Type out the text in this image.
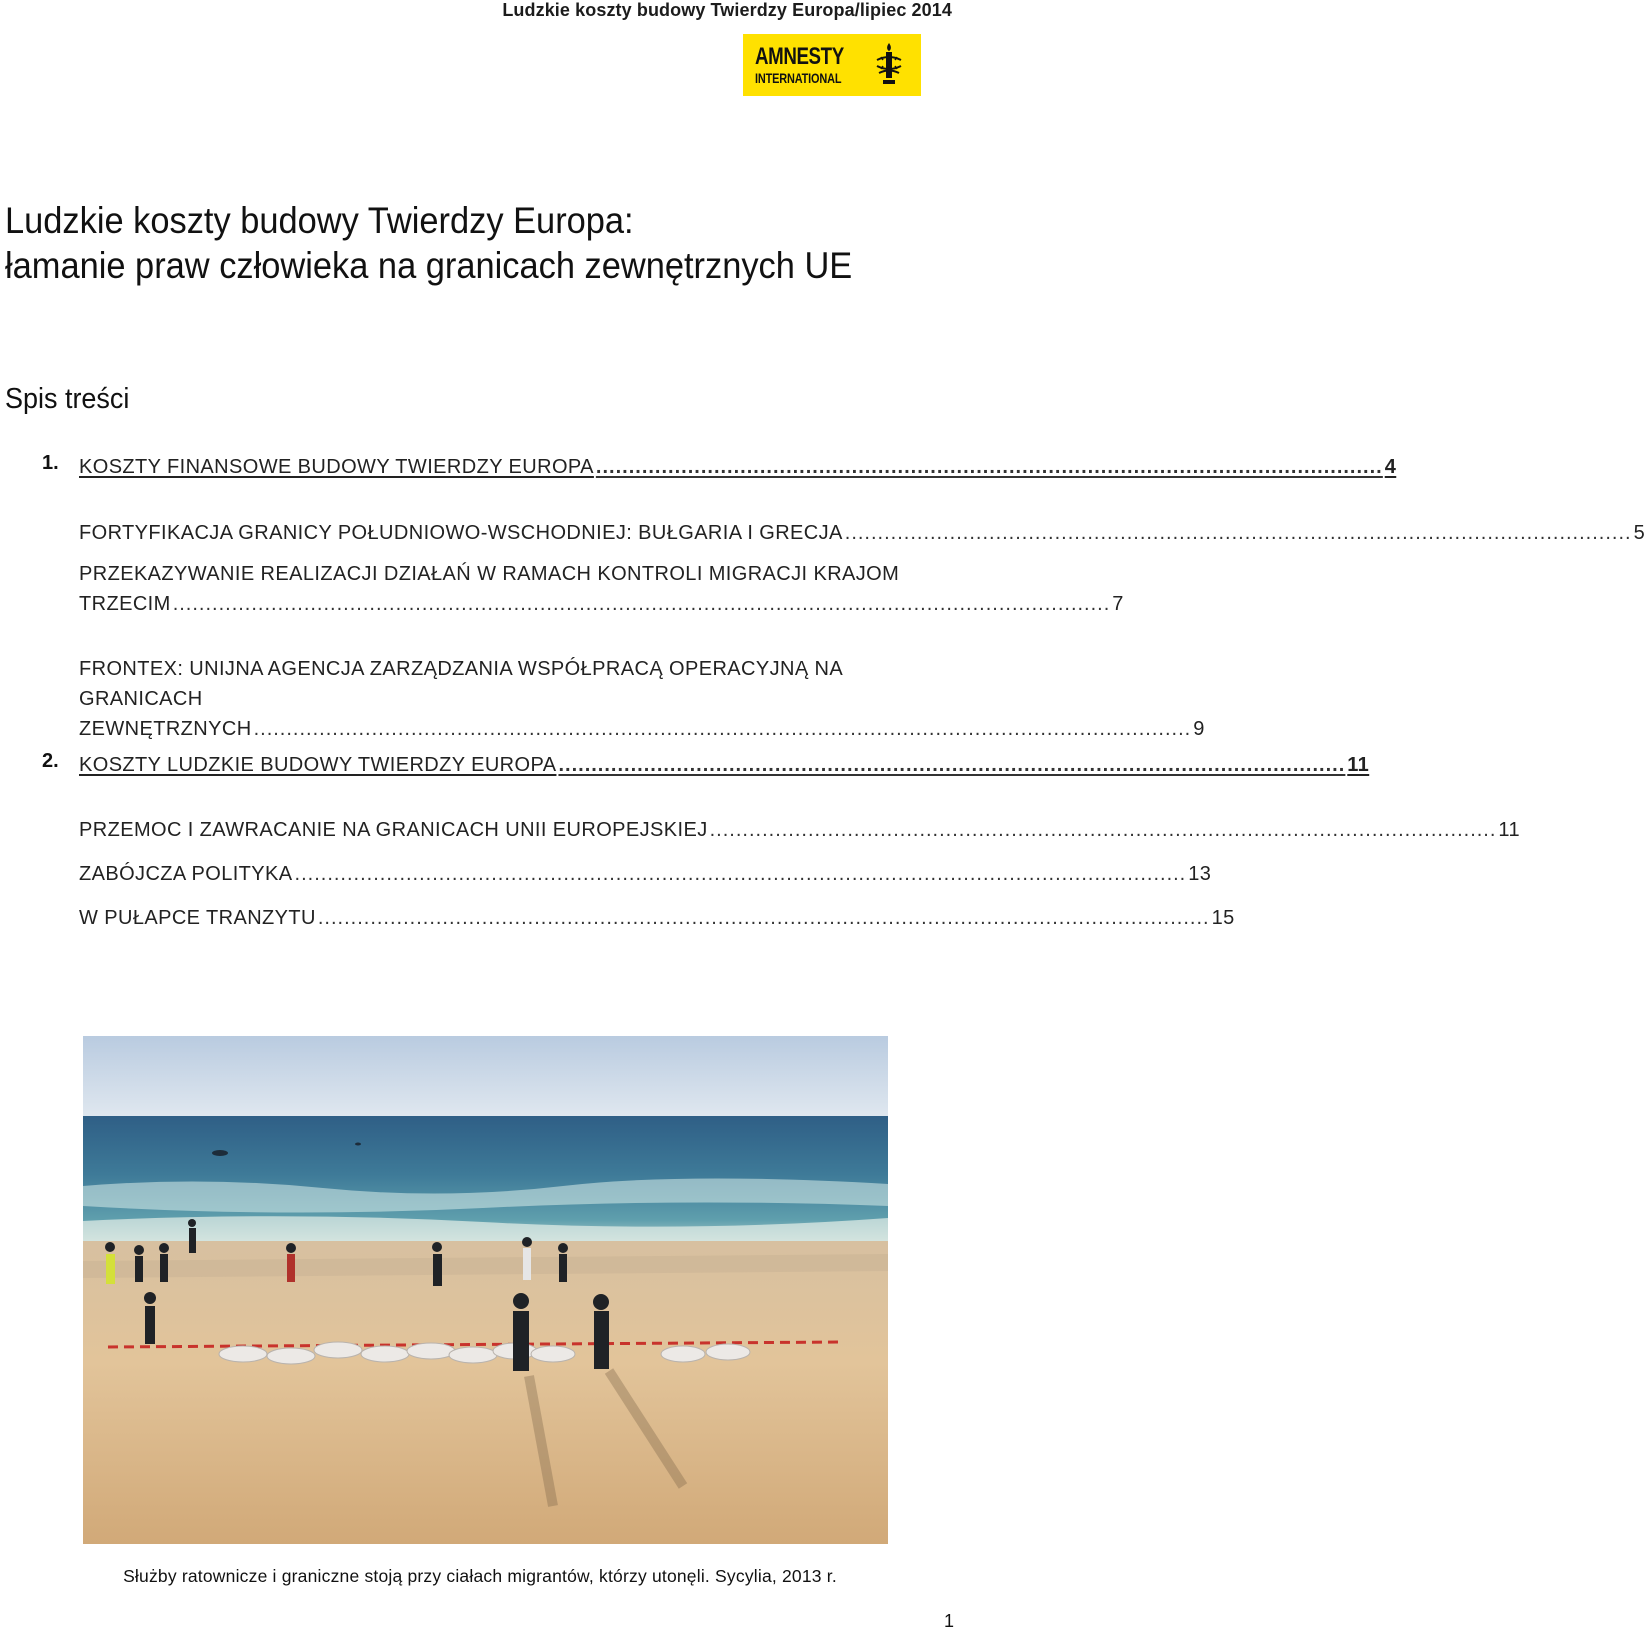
Ludzkie koszty budowy Twierdzy Europa/lipiec 2014
AMNESTY
INTERNATIONAL
Ludzkie koszty budowy Twierdzy Europa:
łamanie praw człowieka na granicach zewnętrznych UE
Spis treści
1. KOSZTY FINANSOWE BUDOWY TWIERDZY EUROPA ........................................................................................................................ 4
FORTYFIKACJA GRANICY POŁUDNIOWO-WSCHODNIEJ: BUŁGARIA I GRECJA ........................................................................................................................ 5
PRZEKAZYWANIE REALIZACJI DZIAŁAŃ W RAMACH KONTROLI MIGRACJI KRAJOM
TRZECIM ............................................................................................................................................... 7
FRONTEX: UNIJNA AGENCJA ZARZĄDZANIA WSPÓŁPRACĄ OPERACYJNĄ NA GRANICACH
ZEWNĘTRZNYCH ............................................................................................................................................... 9
2. KOSZTY LUDZKIE BUDOWY TWIERDZY EUROPA ........................................................................................................................ 11
PRZEMOC I ZAWRACANIE NA GRANICACH UNII EUROPEJSKIEJ ........................................................................................................................ 11
ZABÓJCZA POLITYKA ........................................................................................................................................ 13
W PUŁAPCE TRANZYTU ........................................................................................................................................ 15
Służby ratownicze i graniczne stoją przy ciałach migrantów, którzy utonęli. Sycylia, 2013 r.
1
